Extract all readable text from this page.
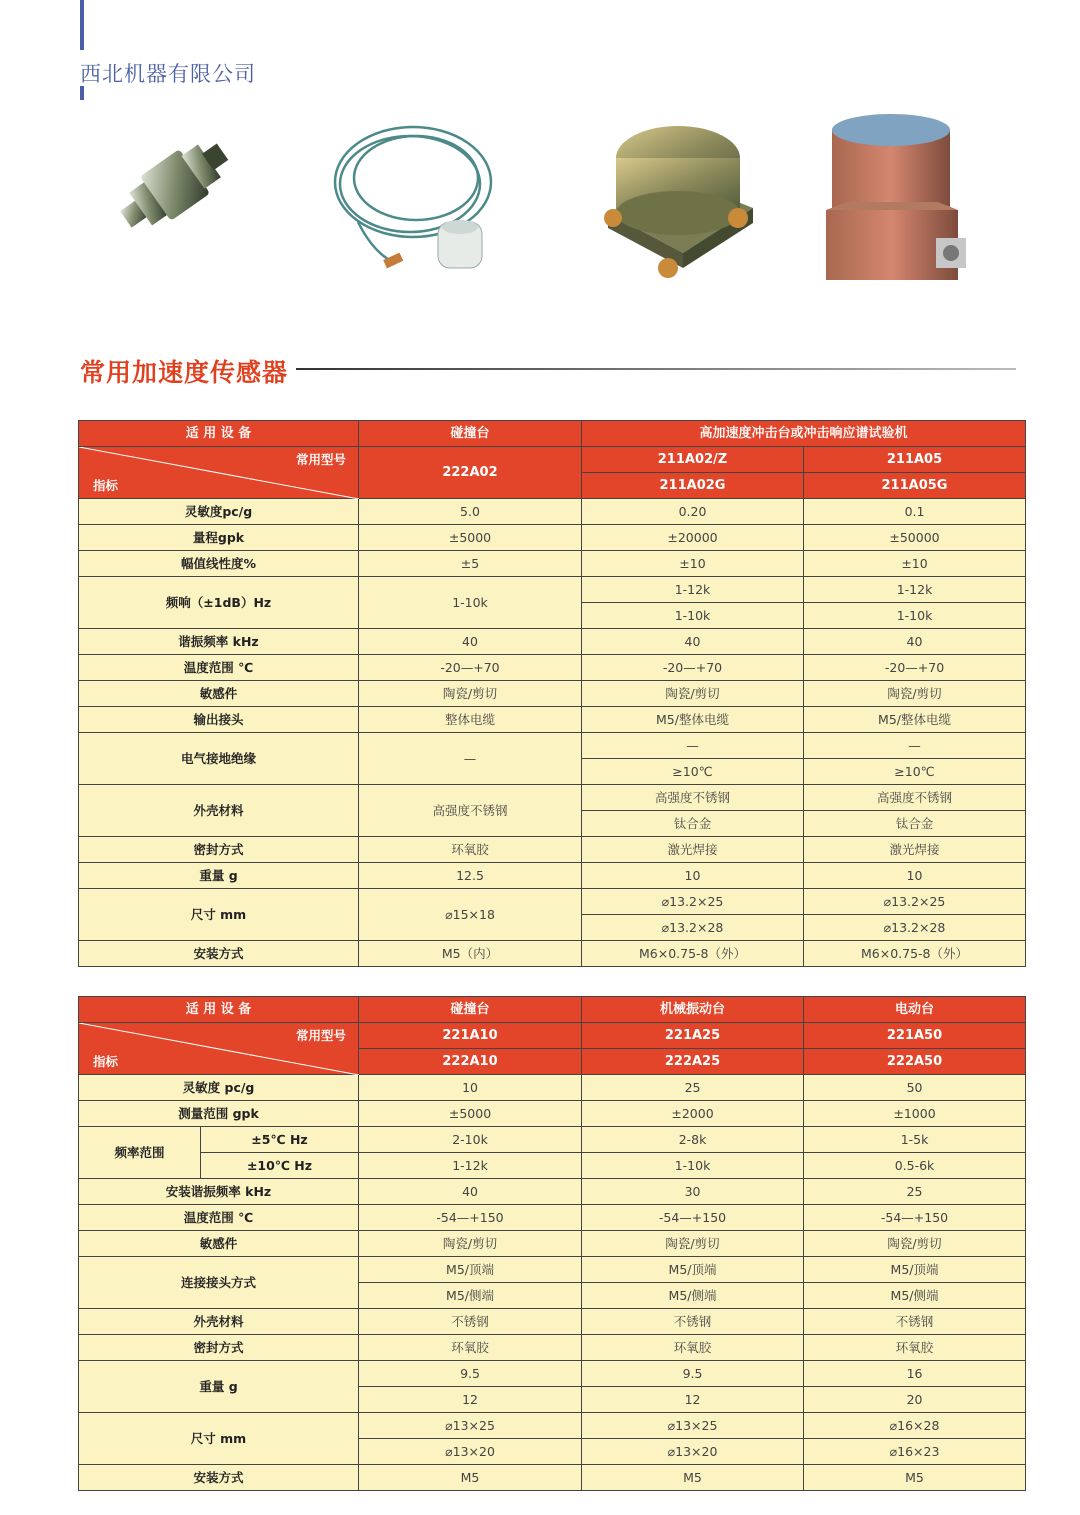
西北机器有限公司
常用加速度传感器
适 用 设 备	碰撞台	高加速度冲击台或冲击响应谱试验机	

常用型号
指标	222A02	211A02/Z	211A05
		211A02G	211A05G
灵敏度pc/g	5.0	0.20	0.1
量程gpk	±5000	±20000	±50000
幅值线性度%	±5	±10	±10
频响（±1dB）Hz	1-10k	1-12k	1-12k
		1-10k	1-10k
谐振频率 kHz	40	40	40
温度范围 ℃	-20—+70	-20—+70	-20—+70
敏感件	陶瓷/剪切	陶瓷/剪切	陶瓷/剪切
输出接头	整体电缆	M5/整体电缆	M5/整体电缆
电气接地绝缘	—	—	—
		≥10℃	≥10℃
外壳材料	高强度不锈钢	高强度不锈钢	高强度不锈钢
		钛合金	钛合金
密封方式	环氧胶	激光焊接	激光焊接
重量 g	12.5	10	10
尺寸 mm	⌀15×18	⌀13.2×25	⌀13.2×25
		⌀13.2×28	⌀13.2×28
安装方式	M5（内）	M6×0.75-8（外）	M6×0.75-8（外）
适 用 设 备		碰撞台	机械振动台	电动台

常用型号
指标		221A10	221A25	221A50
		222A10	222A25	222A50
灵敏度 pc/g		10	25	50
测量范围 gpk		±5000	±2000	±1000
频率范围	±5℃ Hz	2-10k	2-8k	1-5k
	±10℃ Hz	1-12k	1-10k	0.5-6k
安装谐振频率 kHz		40	30	25
温度范围 ℃		-54—+150	-54—+150	-54—+150
敏感件		陶瓷/剪切	陶瓷/剪切	陶瓷/剪切
连接接头方式		M5/顶端	M5/顶端	M5/顶端
		M5/侧端	M5/侧端	M5/侧端
外壳材料		不锈钢	不锈钢	不锈钢
密封方式		环氧胶	环氧胶	环氧胶
重量 g		9.5	9.5	16
		12	12	20
尺寸 mm		⌀13×25	⌀13×25	⌀16×28
		⌀13×20	⌀13×20	⌀16×23
安装方式		M5	M5	M5
